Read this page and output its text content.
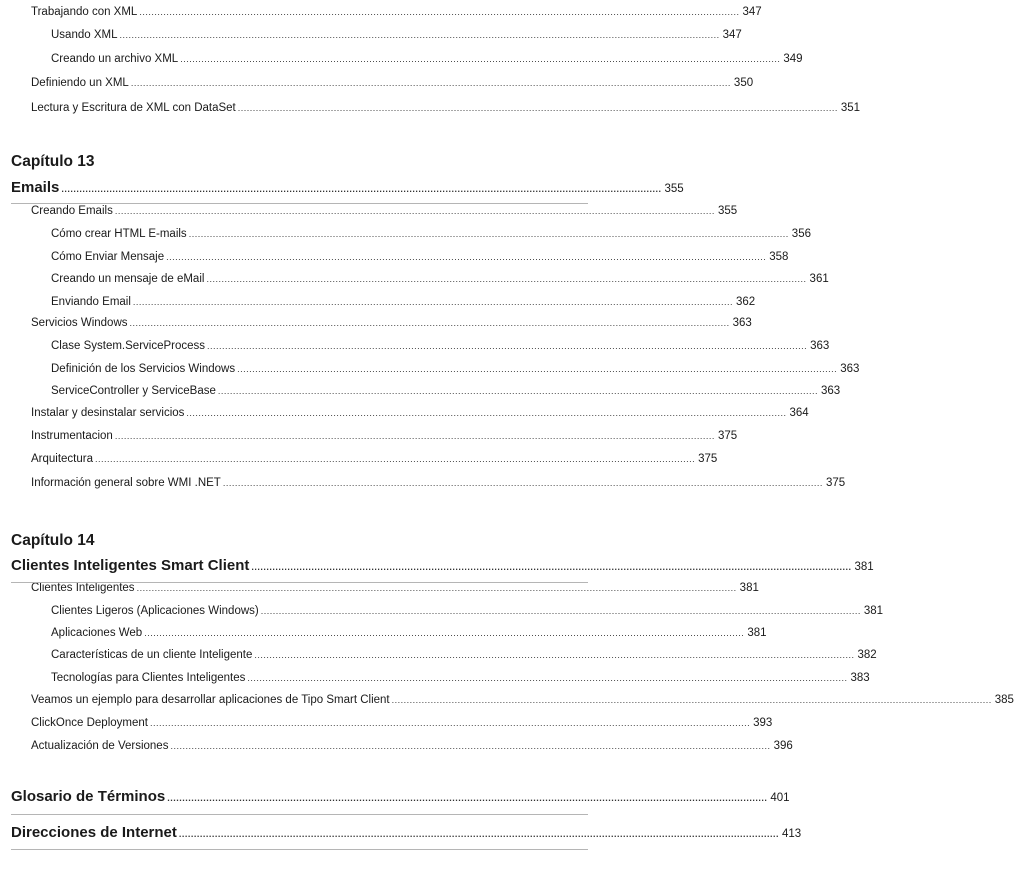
Trabajando con XML ........................................................................................................................................................................................................ 347
Usando XML ........................................................................................................................................................................................................ 347
Creando un archivo XML ........................................................................................................................................................................................................ 349
Definiendo un XML ........................................................................................................................................................................................................ 350
Lectura y Escritura de XML con DataSet ........................................................................................................................................................................................................ 351
Capítulo 13
Emails ........................................................................................................................................................................................................ 355
Creando Emails ........................................................................................................................................................................................................ 355
Cómo crear HTML E-mails ........................................................................................................................................................................................................ 356
Cómo Enviar Mensaje ........................................................................................................................................................................................................ 358
Creando un mensaje de eMail ........................................................................................................................................................................................................ 361
Enviando Email ........................................................................................................................................................................................................ 362
Servicios Windows ........................................................................................................................................................................................................ 363
Clase System.ServiceProcess ........................................................................................................................................................................................................ 363
Definición de los Servicios Windows ........................................................................................................................................................................................................ 363
ServiceController y ServiceBase ........................................................................................................................................................................................................ 363
Instalar y desinstalar servicios ........................................................................................................................................................................................................ 364
Instrumentacion ........................................................................................................................................................................................................ 375
Arquitectura ........................................................................................................................................................................................................ 375
Información general sobre WMI .NET ........................................................................................................................................................................................................ 375
Capítulo 14
Clientes Inteligentes Smart Client ........................................................................................................................................................................................................ 381
Clientes Inteligentes ........................................................................................................................................................................................................ 381
Clientes Ligeros (Aplicaciones Windows) ........................................................................................................................................................................................................ 381
Aplicaciones Web ........................................................................................................................................................................................................ 381
Características de un cliente Inteligente ........................................................................................................................................................................................................ 382
Tecnologías para Clientes Inteligentes ........................................................................................................................................................................................................ 383
Veamos un ejemplo para desarrollar aplicaciones de Tipo Smart Client ........................................................................................................................................................................................................ 385
ClickOnce Deployment ........................................................................................................................................................................................................ 393
Actualización de Versiones ........................................................................................................................................................................................................ 396
Glosario de Términos ........................................................................................................................................................................................................ 401
Direcciones de Internet ........................................................................................................................................................................................................ 413
